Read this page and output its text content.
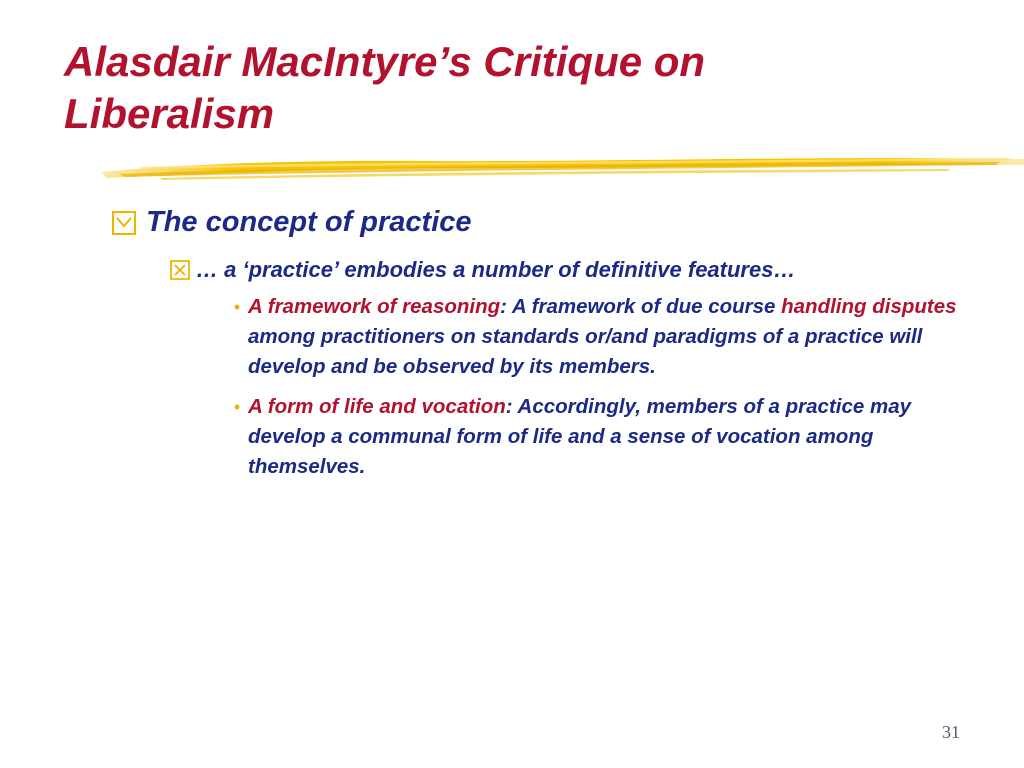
Alasdair MacIntyre’s Critique on
Liberalism
The concept of practice
… a ‘practice’ embodies a number of definitive features…
• A framework of reasoning: A framework of due course handling disputes among practitioners on standards or/and paradigms of a practice will develop and be observed by its members.
• A form of life and vocation: Accordingly, members of a practice may develop a communal form of life and a sense of vocation among themselves.
31
